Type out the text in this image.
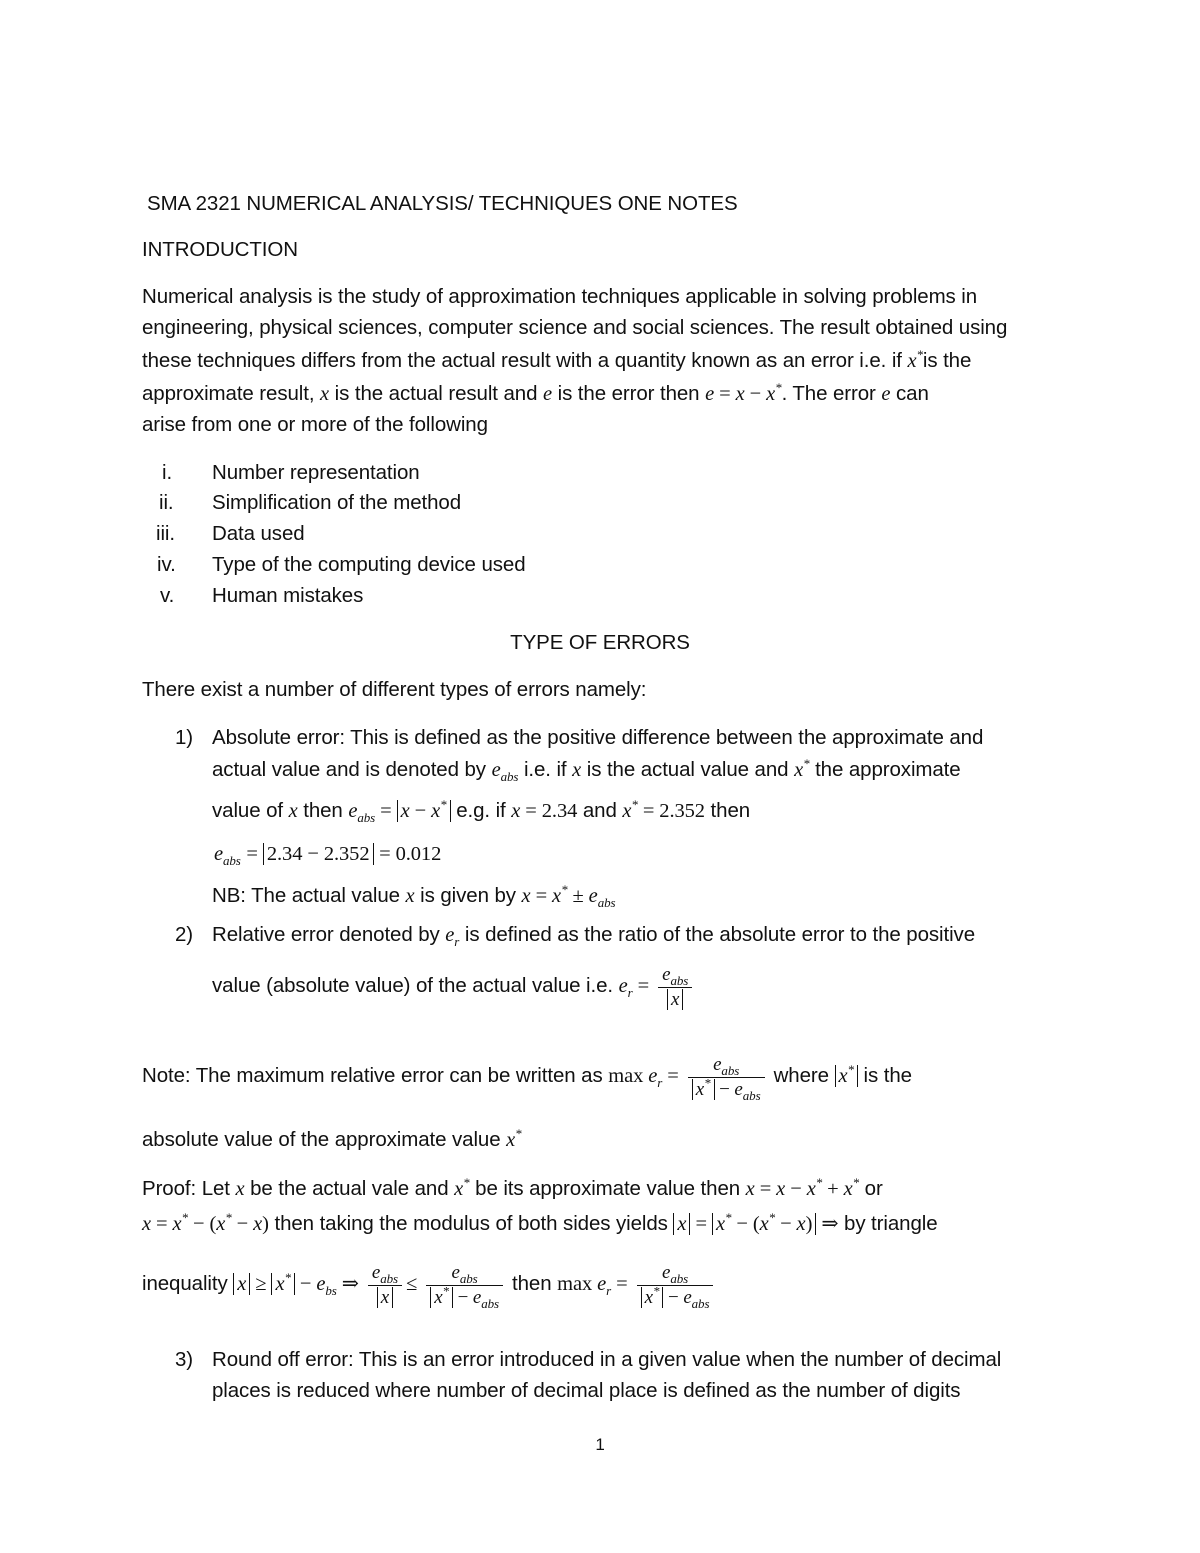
SMA 2321 NUMERICAL ANALYSIS/ TECHNIQUES ONE NOTES
INTRODUCTION
Numerical analysis is the study of approximation techniques applicable in solving problems in
engineering, physical sciences, computer science and social sciences. The result obtained using
these techniques differs from the actual result with a quantity known as an error i.e. if x*is the
approximate result, x is the actual result and e is the error then e = x − x*. The error e can
arise from one or more of the following
i. Number representation
ii. Simplification of the method
iii. Data used
iv. Type of the computing device used
v. Human mistakes
TYPE OF ERRORS
There exist a number of different types of errors namely:
1) Absolute error: This is defined as the positive difference between the approximate and
actual value and is denoted by $e_{abs}$ i.e. if x is the actual value and x* the approximate
value of x then $e_{abs} = x - x^*$ e.g. if x = 2.34 and x* = 2.352 then
$e_{abs} = 2.34 - 2.352 = 0.012$
NB: The actual value x is given by $x = x^* \pm e_{abs}$
2) Relative error denoted by $e_r$ is defined as the ratio of the absolute error to the positive
value (absolute value) of the actual value i.e. $e_r = \frac{e_{abs}}{x}$
Note: The maximum relative error can be written as $\max e_r = \frac{e_{abs}}{x^* - e_{abs}}$ where x* is the
absolute value of the approximate value x*
Proof: Let x be the actual vale and x* be its approximate value then x = x − x* + x* or
x = x* − (x* − x) then taking the modulus of both sides yields x = x* − (x* − x) ⇒ by triangle
inequality $x \ge x^* - e_{bs}$ ⇒ $\frac{e_{abs}}{x} \le \frac{e_{abs}}{x^* - e_{abs}}$ then $\max e_r = \frac{e_{abs}}{x^* - e_{abs}}$
3) Round off error: This is an error introduced in a given value when the number of decimal
places is reduced where number of decimal place is defined as the number of digits
1
